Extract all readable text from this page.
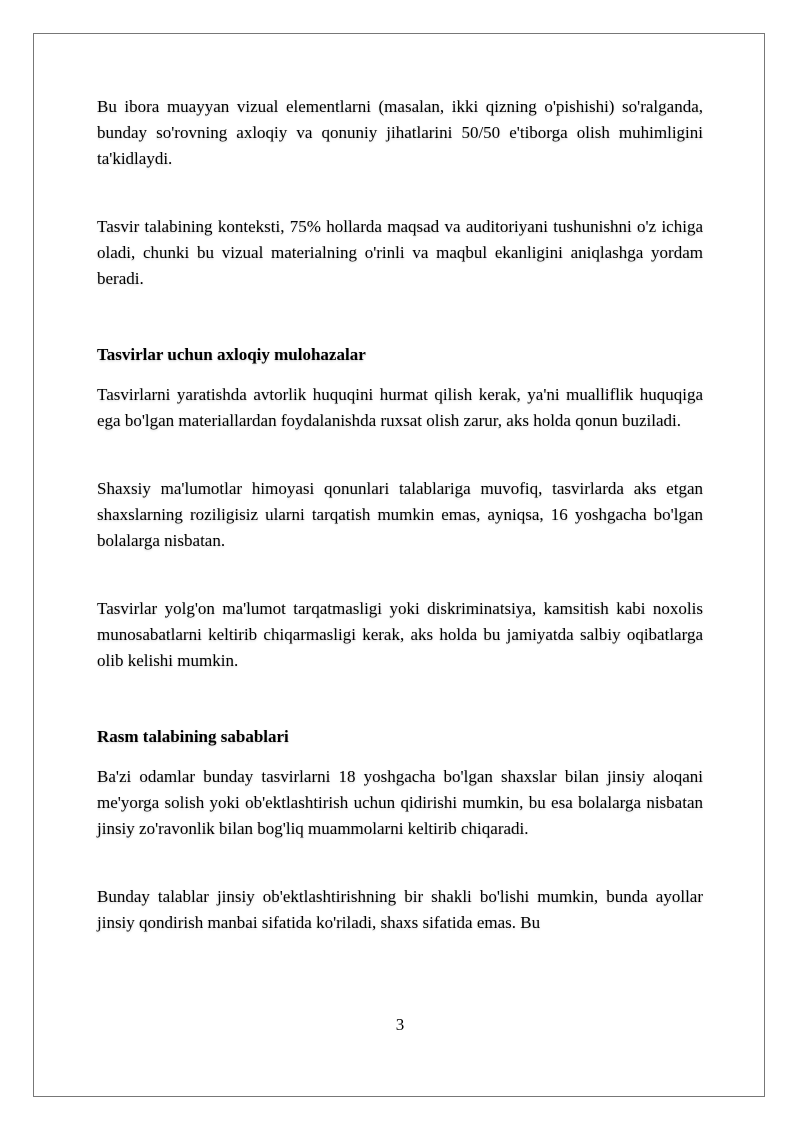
Bu ibora muayyan vizual elementlarni (masalan, ikki qizning o'pishishi) so'ralganda, bunday so'rovning axloqiy va qonuniy jihatlarini 50/50 e'tiborga olish muhimligini ta'kidlaydi.

Tasvir talabining konteksti, 75% hollarda maqsad va auditoriyani tushunishni o'z ichiga oladi, chunki bu vizual materialning o'rinli va maqbul ekanligini aniqlashga yordam beradi.

Tasvirlar uchun axloqiy mulohazalar

Tasvirlarni yaratishda avtorlik huquqini hurmat qilish kerak, ya'ni mualliflik huquqiga ega bo'lgan materiallardan foydalanishda ruxsat olish zarur, aks holda qonun buziladi.

Shaxsiy ma'lumotlar himoyasi qonunlari talablariga muvofiq, tasvirlarda aks etgan shaxslarning roziligisiz ularni tarqatish mumkin emas, ayniqsa, 16 yoshgacha bo'lgan bolalarga nisbatan.

Tasvirlar yolg'on ma'lumot tarqatmasligi yoki diskriminatsiya, kamsitish kabi noxolis munosabatlarni keltirib chiqarmasligi kerak, aks holda bu jamiyatda salbiy oqibatlarga olib kelishi mumkin.

Rasm talabining sabablari

Ba'zi odamlar bunday tasvirlarni 18 yoshgacha bo'lgan shaxslar bilan jinsiy aloqani me'yorga solish yoki ob'ektlashtirish uchun qidirishi mumkin, bu esa bolalarga nisbatan jinsiy zo'ravonlik bilan bog'liq muammolarni keltirib chiqaradi.

Bunday talablar jinsiy ob'ektlashtirishning bir shakli bo'lishi mumkin, bunda ayollar jinsiy qondirish manbai sifatida ko'riladi, shaxs sifatida emas. Bu

3
